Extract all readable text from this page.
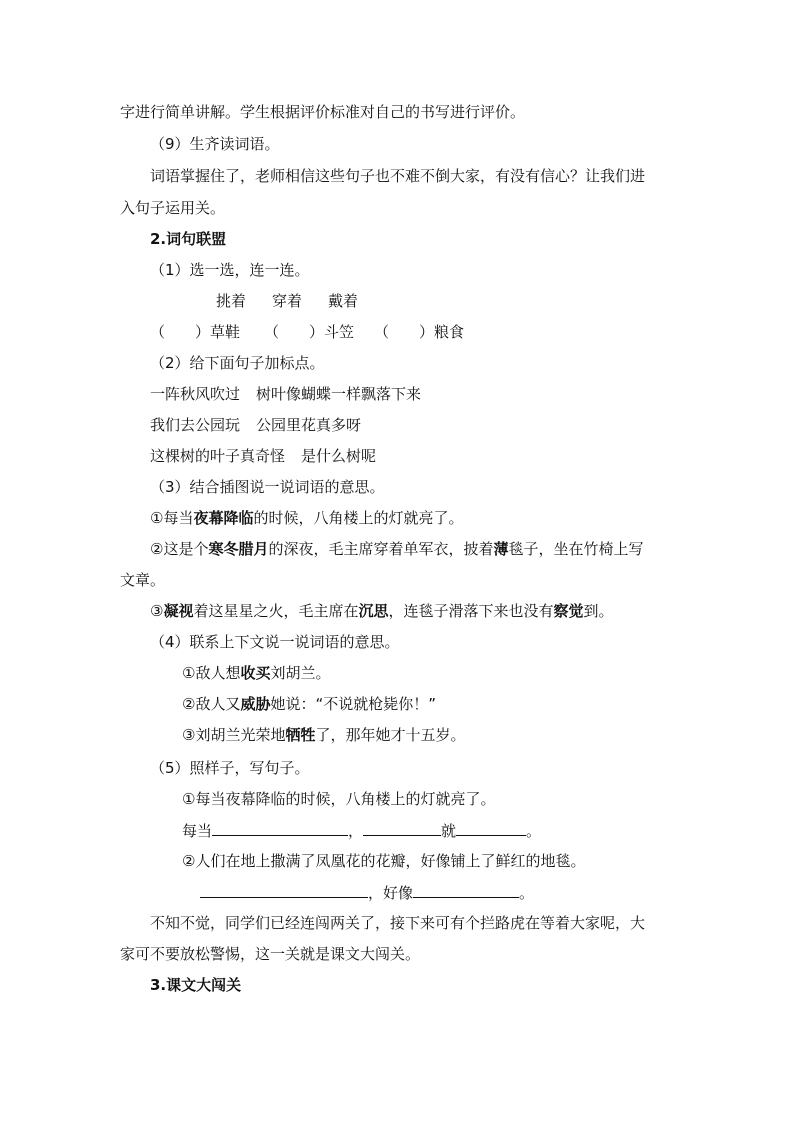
字进行简单讲解。学生根据评价标准对自己的书写进行评价。
（9）生齐读词语。
词语掌握住了，老师相信这些句子也不难不倒大家，有没有信心？让我们进
入句子运用关。
2.词句联盟
（1）选一选，连一连。
挑着 穿着 戴着
（　　）草鞋 （　　）斗笠 （　　）粮食
（2）给下面句子加标点。
一阵秋风吹过 树叶像蝴蝶一样飘落下来
我们去公园玩 公园里花真多呀
这棵树的叶子真奇怪 是什么树呢
（3）结合插图说一说词语的意思。
①每当夜幕降临的时候，八角楼上的灯就亮了。
②这是个寒冬腊月的深夜，毛主席穿着单军衣，披着薄毯子，坐在竹椅上写
文章。
③凝视着这星星之火，毛主席在沉思，连毯子滑落下来也没有察觉到。
（4）联系上下文说一说词语的意思。
①敌人想收买刘胡兰。
②敌人又威胁她说：“不说就枪毙你！”
③刘胡兰光荣地牺牲了，那年她才十五岁。
（5）照样子，写句子。
①每当夜幕降临的时候，八角楼上的灯就亮了。
每当	，	就	。
②人们在地上撒满了凤凰花的花瓣，好像铺上了鲜红的地毯。
，好像	。
不知不觉，同学们已经连闯两关了，接下来可有个拦路虎在等着大家呢，大
家可不要放松警惕，这一关就是课文大闯关。
3.课文大闯关
